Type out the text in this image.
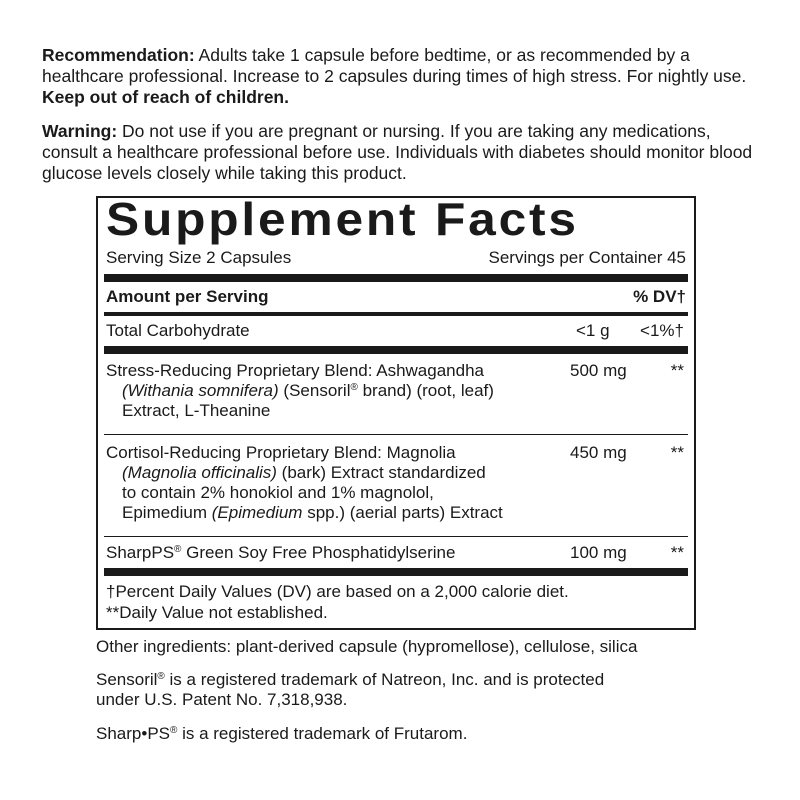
Recommendation: Adults take 1 capsule before bedtime, or as recommended by a healthcare professional. Increase to 2 capsules during times of high stress. For nightly use. Keep out of reach of children.

Warning: Do not use if you are pregnant or nursing. If you are taking any medications, consult a healthcare professional before use. Individuals with diabetes should monitor blood glucose levels closely while taking this product.

Supplement Facts
Serving Size 2 Capsules	Servings per Container 45
Amount per Serving	% DV†
Total Carbohydrate	<1 g <1%†
Stress-Reducing Proprietary Blend: Ashwagandha
(Withania somnifera) (Sensoril® brand) (root, leaf)
Extract, L-Theanine
500 mg	**
Cortisol-Reducing Proprietary Blend: Magnolia
(Magnolia officinalis) (bark) Extract standardized
to contain 2% honokiol and 1% magnolol,
Epimedium (Epimedium spp.) (aerial parts) Extract
450 mg	**
SharpPS® Green Soy Free Phosphatidylserine	100 mg	**
†Percent Daily Values (DV) are based on a 2,000 calorie diet.
**Daily Value not established.

Other ingredients: plant-derived capsule (hypromellose), cellulose, silica

Sensoril® is a registered trademark of Natreon, Inc. and is protected
under U.S. Patent No. 7,318,938.

Sharp•PS® is a registered trademark of Frutarom.
